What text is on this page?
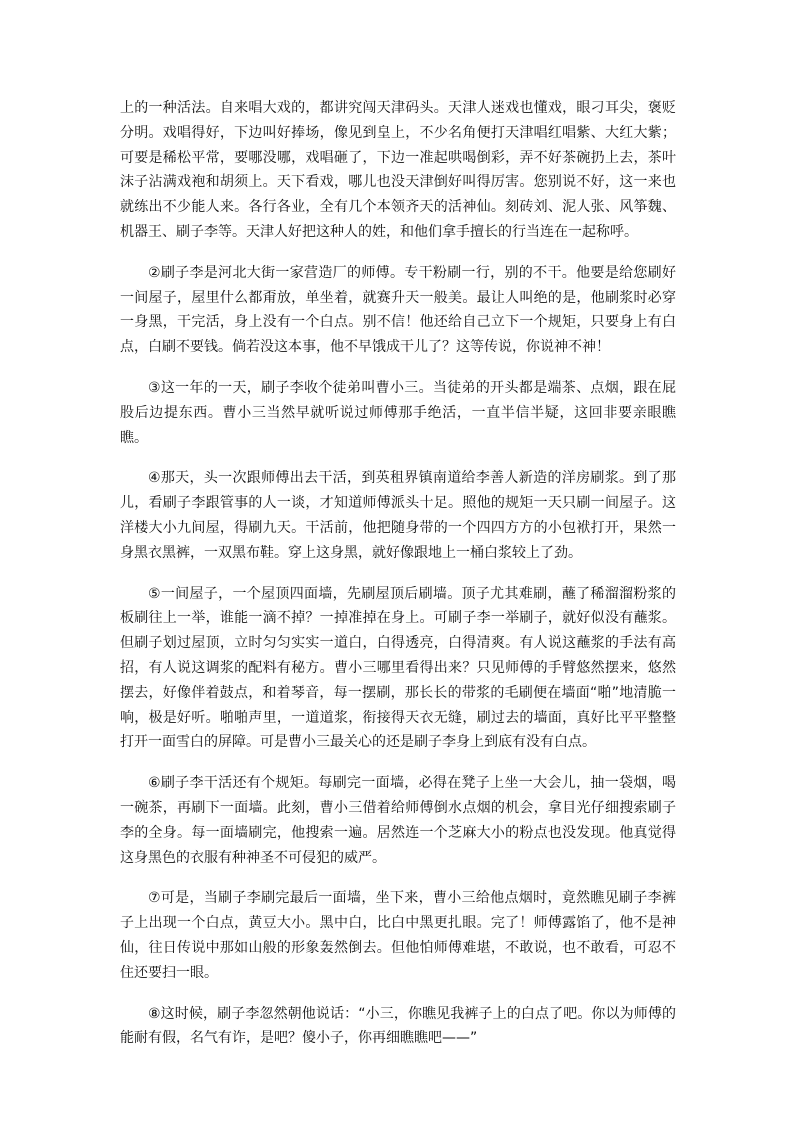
上的一种活法。自来唱大戏的，都讲究闯天津码头。天津人迷戏也懂戏，眼刁耳尖，褒贬分明。戏唱得好，下边叫好捧场，像见到皇上，不少名角便打天津唱红唱紫、大红大紫；可要是稀松平常，要哪没哪，戏唱砸了，下边一准起哄喝倒彩，弄不好茶碗扔上去，茶叶沫子沾满戏袍和胡须上。天下看戏，哪儿也没天津倒好叫得厉害。您别说不好，这一来也就练出不少能人来。各行各业，全有几个本领齐天的活神仙。刻砖刘、泥人张、风筝魏、机器王、刷子李等。天津人好把这种人的姓，和他们拿手擅长的行当连在一起称呼。

②刷子李是河北大街一家营造厂的师傅。专干粉刷一行，别的不干。他要是给您刷好一间屋子，屋里什么都甭放，单坐着，就赛升天一般美。最让人叫绝的是，他刷浆时必穿一身黑，干完活，身上没有一个白点。别不信！他还给自己立下一个规矩，只要身上有白点，白刷不要钱。倘若没这本事，他不早饿成干儿了？这等传说，你说神不神！

③这一年的一天，刷子李收个徒弟叫曹小三。当徒弟的开头都是端茶、点烟，跟在屁股后边提东西。曹小三当然早就听说过师傅那手绝活，一直半信半疑，这回非要亲眼瞧瞧。

④那天，头一次跟师傅出去干活，到英租界镇南道给李善人新造的洋房刷浆。到了那儿，看刷子李跟管事的人一谈，才知道师傅派头十足。照他的规矩一天只刷一间屋子。这洋楼大小九间屋，得刷九天。干活前，他把随身带的一个四四方方的小包袱打开，果然一身黑衣黑裤，一双黑布鞋。穿上这身黑，就好像跟地上一桶白浆较上了劲。

⑤一间屋子，一个屋顶四面墙，先刷屋顶后刷墙。顶子尤其难刷，蘸了稀溜溜粉浆的板刷往上一举，谁能一滴不掉？一掉准掉在身上。可刷子李一举刷子，就好似没有蘸浆。但刷子划过屋顶，立时匀匀实实一道白，白得透亮，白得清爽。有人说这蘸浆的手法有高招，有人说这调浆的配料有秘方。曹小三哪里看得出来？只见师傅的手臂悠然摆来，悠然摆去，好像伴着鼓点，和着琴音，每一摆刷，那长长的带浆的毛刷便在墙面“啪”地清脆一响，极是好听。啪啪声里，一道道浆，衔接得天衣无缝，刷过去的墙面，真好比平平整整打开一面雪白的屏障。可是曹小三最关心的还是刷子李身上到底有没有白点。

⑥刷子李干活还有个规矩。每刷完一面墙，必得在凳子上坐一大会儿，抽一袋烟，喝一碗茶，再刷下一面墙。此刻，曹小三借着给师傅倒水点烟的机会，拿目光仔细搜索刷子李的全身。每一面墙刷完，他搜索一遍。居然连一个芝麻大小的粉点也没发现。他真觉得这身黑色的衣服有种神圣不可侵犯的威严。

⑦可是，当刷子李刷完最后一面墙，坐下来，曹小三给他点烟时，竟然瞧见刷子李裤子上出现一个白点，黄豆大小。黑中白，比白中黑更扎眼。完了！师傅露馅了，他不是神仙，往日传说中那如山般的形象轰然倒去。但他怕师傅难堪，不敢说，也不敢看，可忍不住还要扫一眼。

⑧这时候，刷子李忽然朝他说话：“小三，你瞧见我裤子上的白点了吧。你以为师傅的能耐有假，名气有诈，是吧？傻小子，你再细瞧瞧吧——”
